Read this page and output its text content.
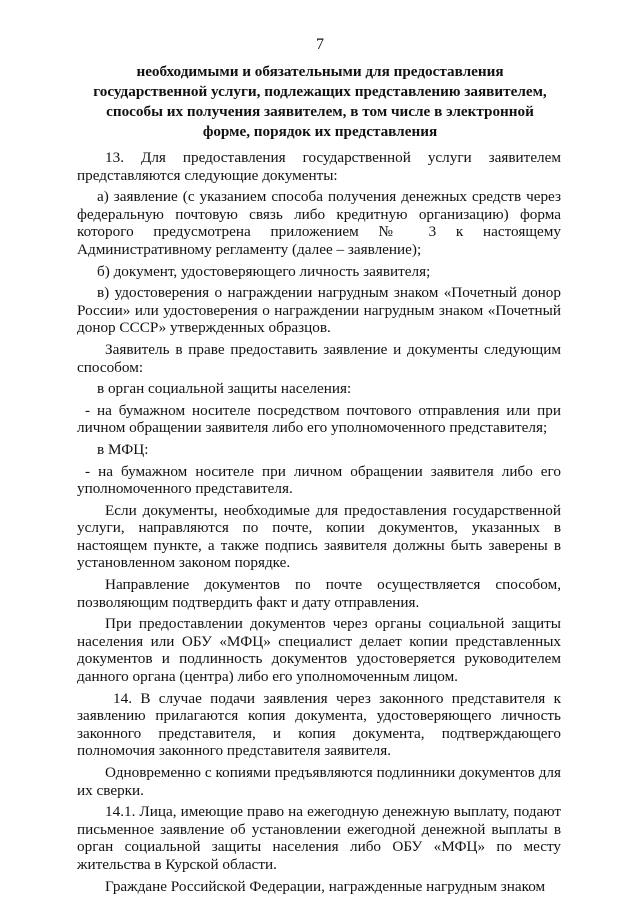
7
необходимыми и обязательными для предоставления государственной услуги, подлежащих представлению заявителем, способы их получения заявителем, в том числе в электронной форме, порядок их представления

13. Для предоставления государственной услуги заявителем представляются следующие документы:

а) заявление (с указанием способа получения денежных средств через федеральную почтовую связь либо кредитную организацию) форма которого предусмотрена приложением № 3 к настоящему Административному регламенту (далее – заявление);

б) документ, удостоверяющего личность заявителя;

в) удостоверения о награждении нагрудным знаком «Почетный донор России» или удостоверения о награждении нагрудным знаком «Почетный донор СССР» утвержденных образцов.

Заявитель в праве предоставить заявление и документы следующим способом:

в орган социальной защиты населения:

- на бумажном носителе посредством почтового отправления или при личном обращении заявителя либо его уполномоченного представителя;

в МФЦ:

- на бумажном носителе при личном обращении заявителя либо его уполномоченного представителя.

Если документы, необходимые для предоставления государственной услуги, направляются по почте, копии документов, указанных в настоящем пункте, а также подпись заявителя должны быть заверены в установленном законом порядке.

Направление документов по почте осуществляется способом, позволяющим подтвердить факт и дату отправления.

При предоставлении документов через органы социальной защиты населения или ОБУ «МФЦ» специалист делает копии представленных документов и подлинность документов удостоверяется руководителем данного органа (центра) либо его уполномоченным лицом.

14. В случае подачи заявления через законного представителя к заявлению прилагаются копия документа, удостоверяющего личность законного представителя, и копия документа, подтверждающего полномочия законного представителя заявителя.

Одновременно с копиями предъявляются подлинники документов для их сверки.

14.1. Лица, имеющие право на ежегодную денежную выплату, подают письменное заявление об установлении ежегодной денежной выплаты в орган социальной защиты населения либо ОБУ «МФЦ» по месту жительства в Курской области.

Граждане Российской Федерации, награжденные нагрудным знаком
